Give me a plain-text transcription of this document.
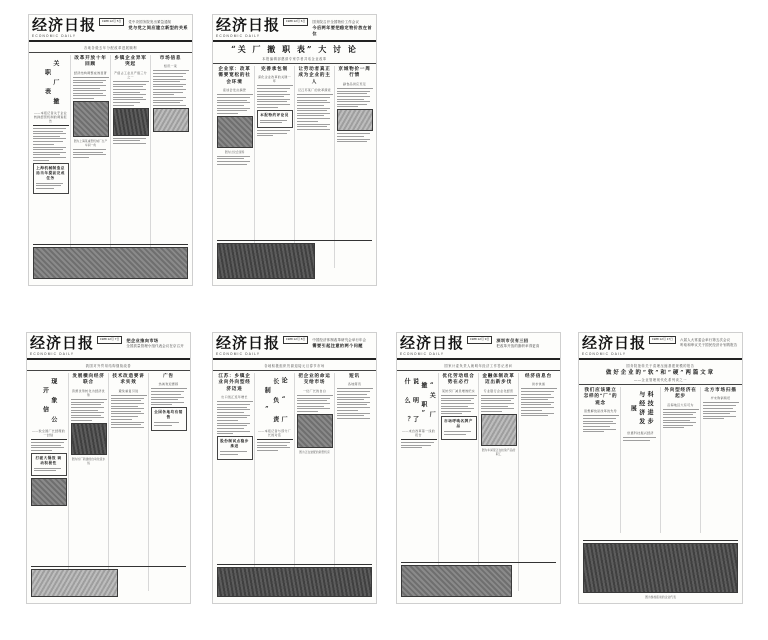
经济日报
ECONOMIC DAILY
1988 12月 5日	党中央国务院发出紧急通知
党与党之间应建立新型的关系
各地各级去年分配改革进展顺利
关 厂 撤 职 表
——本报记者关于企业转换经营机制的调查报告
上海机械制造总局当年提前完成任务
改革开放十年回顾
经济结构调整成效显著
图为上海某重型机械厂生产车间一角
乡镇企业异军突起
产值占工业总产值三分之一
市场信息
短讯一束
经济日报
ECONOMIC DAILY
1988 12月 6日	国务院召开全国物价工作会议
今后两年要把稳定物价放在首位
“关 厂 撤 职 表” 大 讨 论
本报编辑部邀请专家学者共话企业改革
企业家：改革需要宽松的社会环境
座谈会发言摘登
图为讨论会现场
完善承包制
深化企业改革的关键一环
本报特约评论员
让劳动者真正成为企业的主人
记江苏某厂的改革探索
京城物价一周行情
副食品供应充足
经济日报
ECONOMIC DAILY
1988 12月 7日	把企业推向市场
全国质量管理小组代表会议在京召开
我国对外贸易结构继续改善
现 象 公 开 信
——致全国厂长经理的一封信
打破大锅饭 调动积极性
发展横向经济联合
资源优势转化为经济优势
图为该厂新建的自动化流水线
技术改造要讲求实效
避免重复引进
广告
热诚欢迎惠顾
全国各地均有销售
经济日报
ECONOMIC DAILY
1988 12月 8日	中国经济体制改革研究会举行年会
需要引起注意的两个问题
各地积极组织货源迎接元旦春节市场
江苏：乡镇企业向外向型经济迈进
出口创汇连年增长
股份制试点稳步推进
论 “ 厂 长 负 责 制 ”
——本报记者与部分厂长的对话
把企业的命运交给市场
一位厂长的自白
图为正在装配的新型机床
短讯
各地简讯
经济日报
ECONOMIC DAILY
1988 12月 9日	深圳市仅有三招
把改革开放的旗帜举得更高
国家计委负责人就明年经济工作答记者问
“关 厂 撤 职” 说 明 了 什 么 ？
——来自改革第一线的报告
优化劳动组合势在必行
某纺织厂减员增效纪实
市场呼唤名牌产品
金融体制改革迈出新步伐
专业银行企业化经营
图为车间里正在检验产品的职工
经济信息台
供求快递
经济日报
ECONOMIC DAILY
1988 12月 17日	六届人大常委会举行第五次会议
听取和审议关于国民经济计划的报告
国务院批转关于清理压缩基建规模的报告
做好企业的“软”和“硬”两篇文章
——企业管理现代化系列谈之一
我们应该建立怎样的“厂”的观念
思想解放是改革的先导	科技进步与经济发展
依靠科技振兴经济
外向型经济在起步
沿海地区大有可为
北方市场扫描
岁末购销两旺
图为参加座谈的企业代表
